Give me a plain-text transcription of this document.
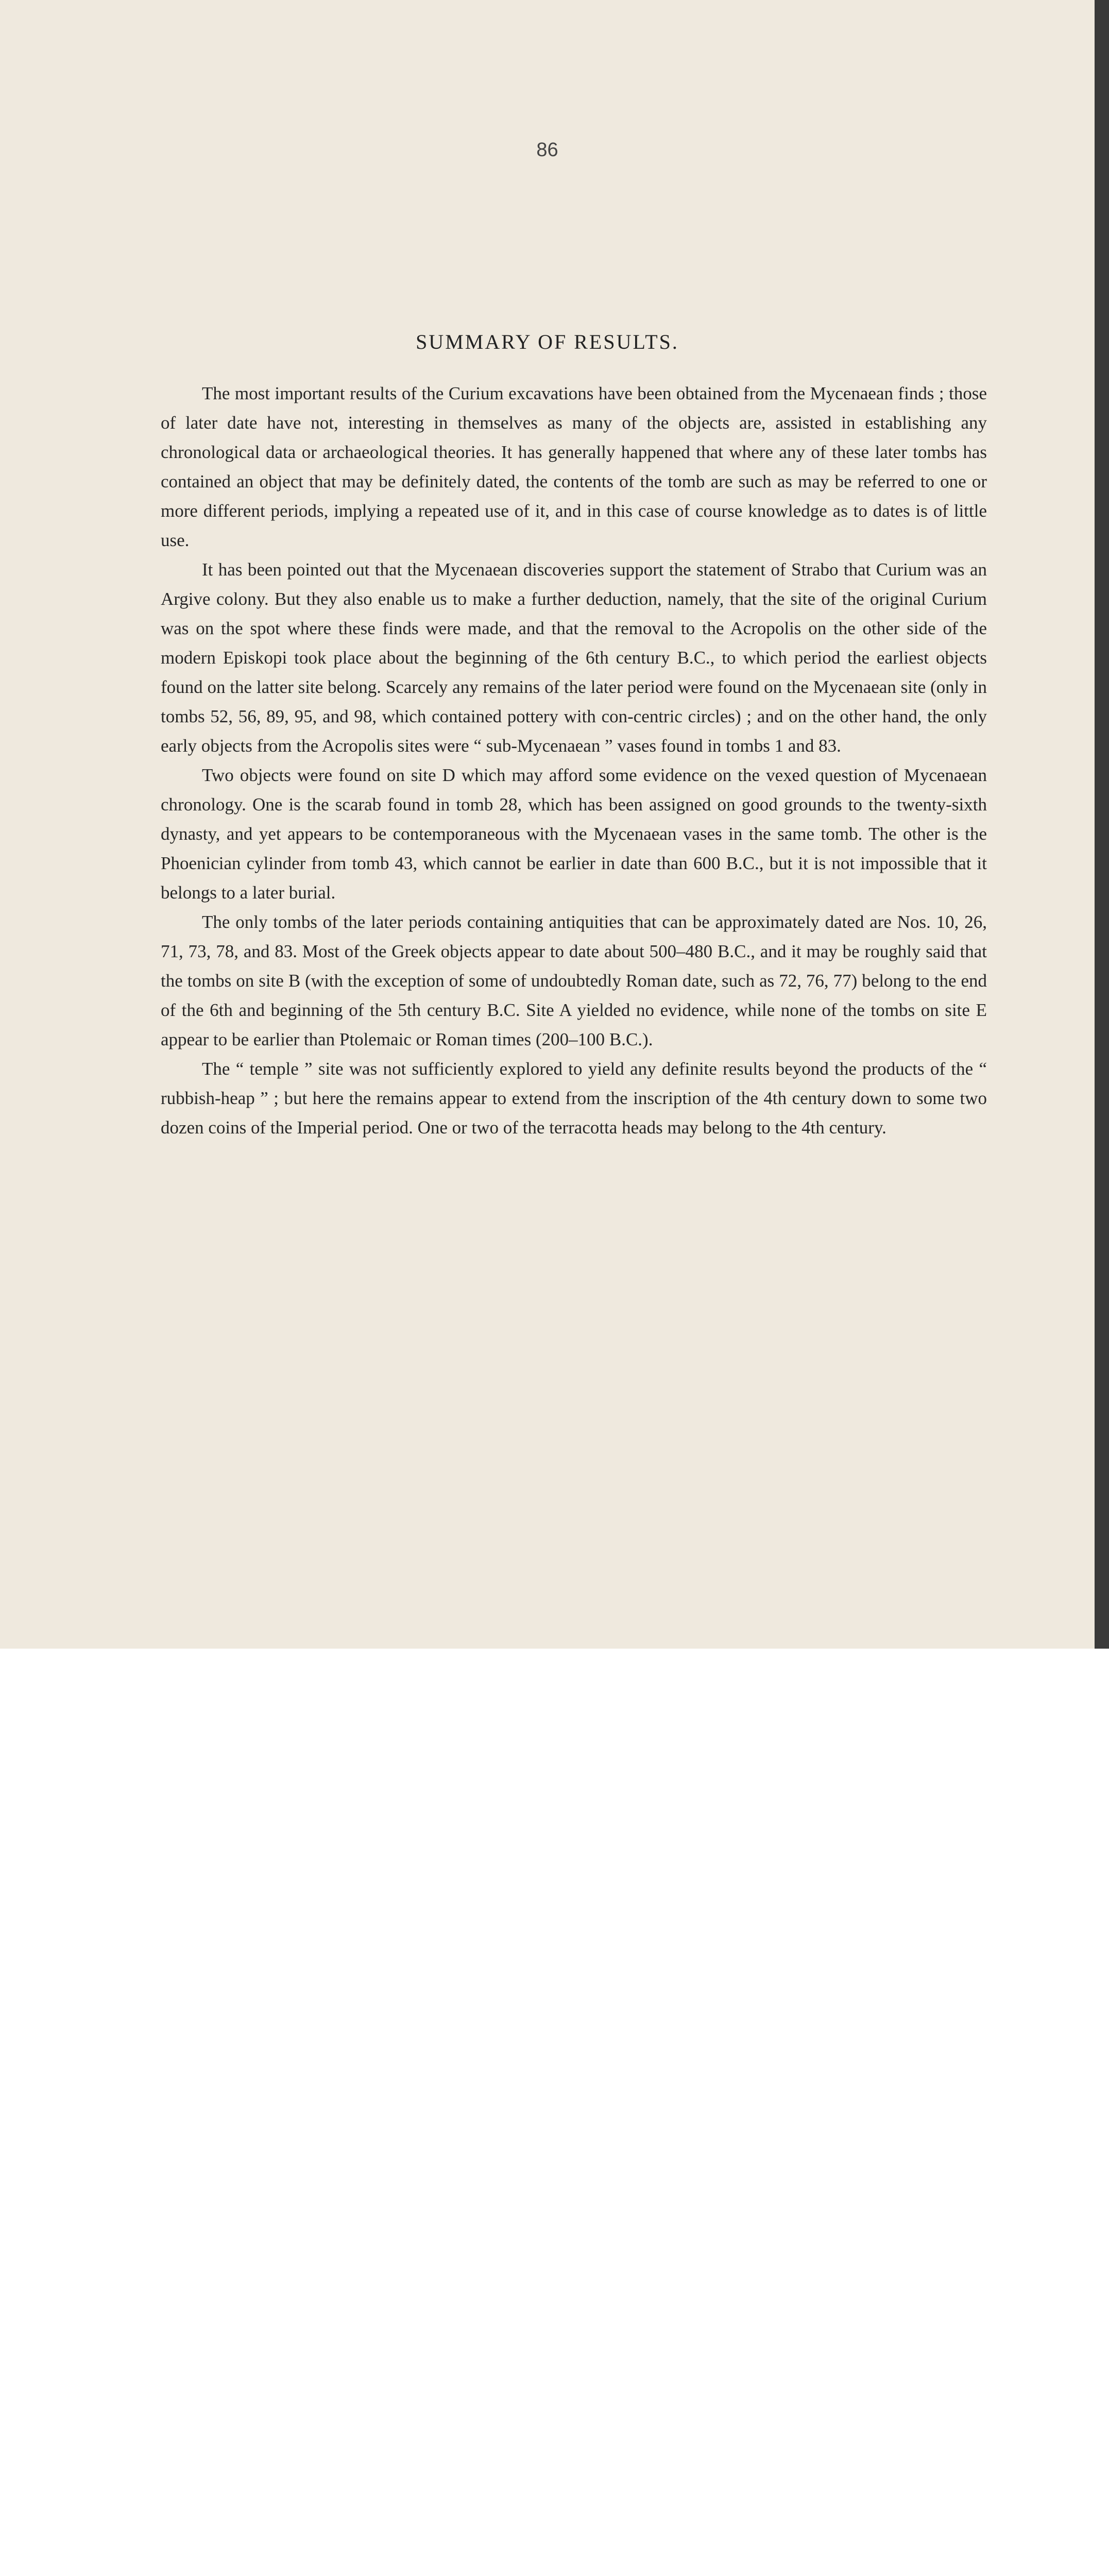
86
SUMMARY OF RESULTS.

The most important results of the Curium excavations have been obtained from the Mycenaean finds ; those of later date have not, interesting in themselves as many of the objects are, assisted in establishing any chronological data or archaeological theories. It has generally happened that where any of these later tombs has contained an object that may be definitely dated, the contents of the tomb are such as may be referred to one or more different periods, implying a repeated use of it, and in this case of course knowledge as to dates is of little use.

It has been pointed out that the Mycenaean discoveries support the statement of Strabo that Curium was an Argive colony. But they also enable us to make a further deduction, namely, that the site of the original Curium was on the spot where these finds were made, and that the removal to the Acropolis on the other side of the modern Episkopi took place about the beginning of the 6th century B.C., to which period the earliest objects found on the latter site belong. Scarcely any remains of the later period were found on the Mycenaean site (only in tombs 52, 56, 89, 95, and 98, which contained pottery with con-centric circles) ; and on the other hand, the only early objects from the Acropolis sites were “ sub-Mycenaean ” vases found in tombs 1 and 83.

Two objects were found on site D which may afford some evidence on the vexed question of Mycenaean chronology. One is the scarab found in tomb 28, which has been assigned on good grounds to the twenty-sixth dynasty, and yet appears to be contemporaneous with the Mycenaean vases in the same tomb. The other is the Phoenician cylinder from tomb 43, which cannot be earlier in date than 600 B.C., but it is not impossible that it belongs to a later burial.

The only tombs of the later periods containing antiquities that can be approximately dated are Nos. 10, 26, 71, 73, 78, and 83. Most of the Greek objects appear to date about 500–480 B.C., and it may be roughly said that the tombs on site B (with the exception of some of undoubtedly Roman date, such as 72, 76, 77) belong to the end of the 6th and beginning of the 5th century B.C. Site A yielded no evidence, while none of the tombs on site E appear to be earlier than Ptolemaic or Roman times (200–100 B.C.).

The “ temple ” site was not sufficiently explored to yield any definite results beyond the products of the “ rubbish-heap ” ; but here the remains appear to extend from the inscription of the 4th century down to some two dozen coins of the Imperial period. One or two of the terracotta heads may belong to the 4th century.
